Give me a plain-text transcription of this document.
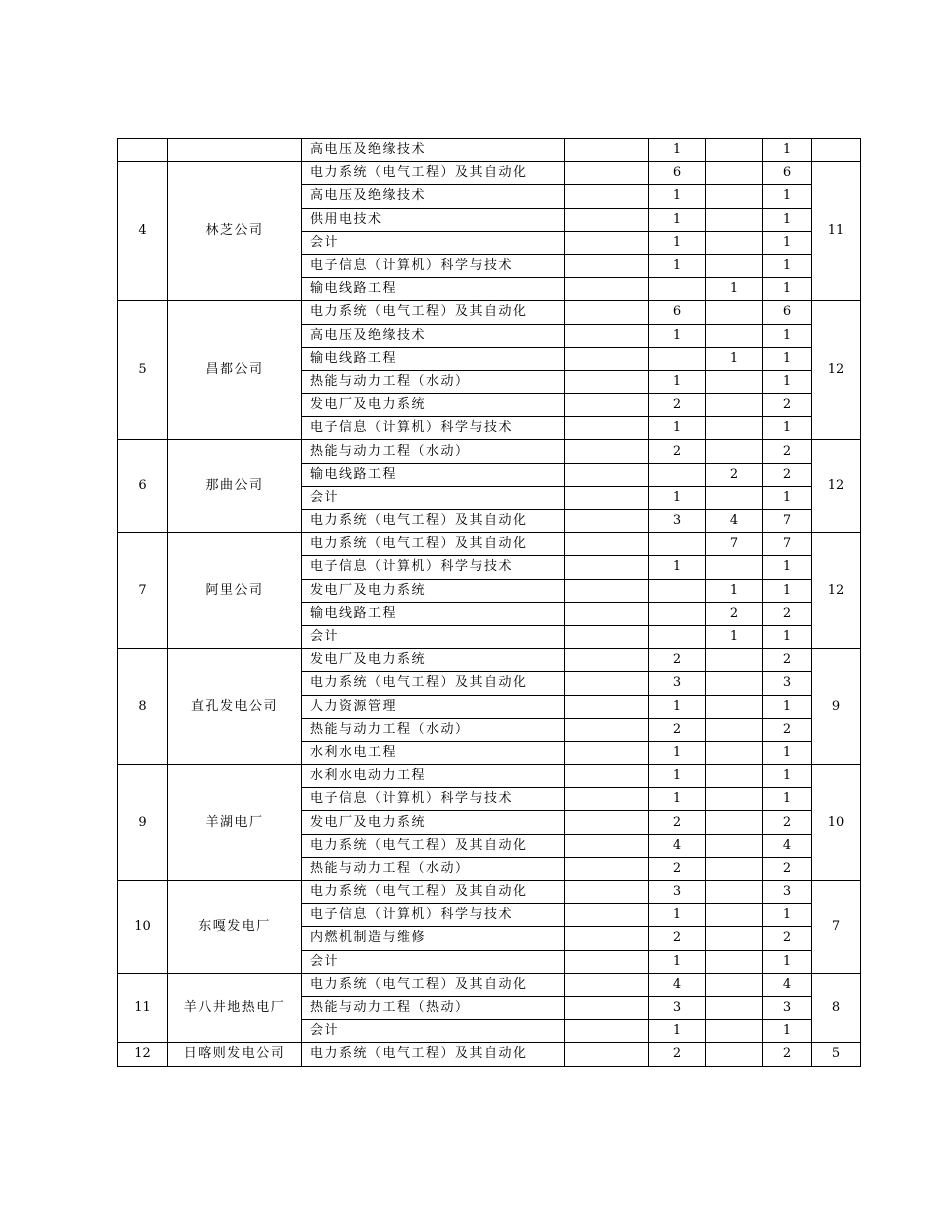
		高电压及绝缘技术		1		1	
4	林芝公司	电力系统（电气工程）及其自动化		6		6	11
		高电压及绝缘技术		1		1	
		供用电技术		1		1	
		会计		1		1	
		电子信息（计算机）科学与技术		1		1	
		输电线路工程			1	1	
5	昌都公司	电力系统（电气工程）及其自动化		6		6	12
		高电压及绝缘技术		1		1	
		输电线路工程			1	1	
		热能与动力工程（水动）		1		1	
		发电厂及电力系统		2		2	
		电子信息（计算机）科学与技术		1		1	
6	那曲公司	热能与动力工程（水动）		2		2	12
		输电线路工程			2	2	
		会计		1		1	
		电力系统（电气工程）及其自动化		3	4	7	
7	阿里公司	电力系统（电气工程）及其自动化			7	7	12
		电子信息（计算机）科学与技术		1		1	
		发电厂及电力系统			1	1	
		输电线路工程			2	2	
		会计			1	1	
8	直孔发电公司	发电厂及电力系统		2		2	9
		电力系统（电气工程）及其自动化		3		3	
		人力资源管理		1		1	
		热能与动力工程（水动）		2		2	
		水利水电工程		1		1	
9	羊湖电厂	水利水电动力工程		1		1	10
		电子信息（计算机）科学与技术		1		1	
		发电厂及电力系统		2		2	
		电力系统（电气工程）及其自动化		4		4	
		热能与动力工程（水动）		2		2	
10	东嘎发电厂	电力系统（电气工程）及其自动化		3		3	7
		电子信息（计算机）科学与技术		1		1	
		内燃机制造与维修		2		2	
		会计		1		1	
11	羊八井地热电厂	电力系统（电气工程）及其自动化		4		4	8
		热能与动力工程（热动）		3		3	
		会计		1		1	
12	日喀则发电公司	电力系统（电气工程）及其自动化		2		2	5
